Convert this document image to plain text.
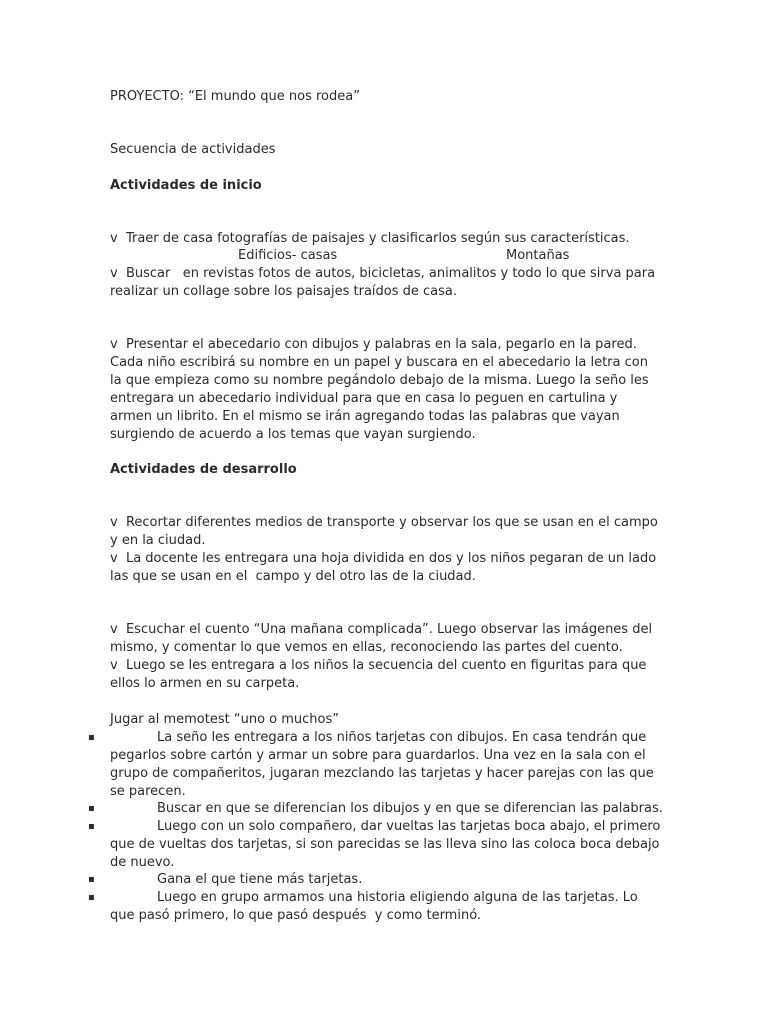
PROYECTO: “El mundo que nos rodea”
Secuencia de actividades
Actividades de inicio
v  Traer de casa fotografías de paisajes y clasificarlos según sus características.
Edificios- casas	Montañas
v  Buscar   en revistas fotos de autos, bicicletas, animalitos y todo lo que sirva para
realizar un collage sobre los paisajes traídos de casa.
v  Presentar el abecedario con dibujos y palabras en la sala, pegarlo en la pared.
Cada niño escribirá su nombre en un papel y buscara en el abecedario la letra con
la que empieza como su nombre pegándolo debajo de la misma. Luego la seño les
entregara un abecedario individual para que en casa lo peguen en cartulina y
armen un librito. En el mismo se irán agregando todas las palabras que vayan
surgiendo de acuerdo a los temas que vayan surgiendo.
Actividades de desarrollo
v  Recortar diferentes medios de transporte y observar los que se usan en el campo
y en la ciudad.
v  La docente les entregara una hoja dividida en dos y los niños pegaran de un lado
las que se usan en el  campo y del otro las de la ciudad.
v  Escuchar el cuento “Una mañana complicada”. Luego observar las imágenes del
mismo, y comentar lo que vemos en ellas, reconociendo las partes del cuento.
v  Luego se les entregara a los niños la secuencia del cuento en figuritas para que
ellos lo armen en su carpeta.
Jugar al memotest “uno o muchos”
▪	La seño les entregara a los niños tarjetas con dibujos. En casa tendrán que
pegarlos sobre cartón y armar un sobre para guardarlos. Una vez en la sala con el
grupo de compañeritos, jugaran mezclando las tarjetas y hacer parejas con las que
se parecen.
▪	Buscar en que se diferencian los dibujos y en que se diferencian las palabras.
▪	Luego con un solo compañero, dar vueltas las tarjetas boca abajo, el primero
que de vueltas dos tarjetas, si son parecidas se las lleva sino las coloca boca debajo
de nuevo.
▪	Gana el que tiene más tarjetas.
▪	Luego en grupo armamos una historia eligiendo alguna de las tarjetas. Lo
que pasó primero, lo que pasó después  y como terminó.
